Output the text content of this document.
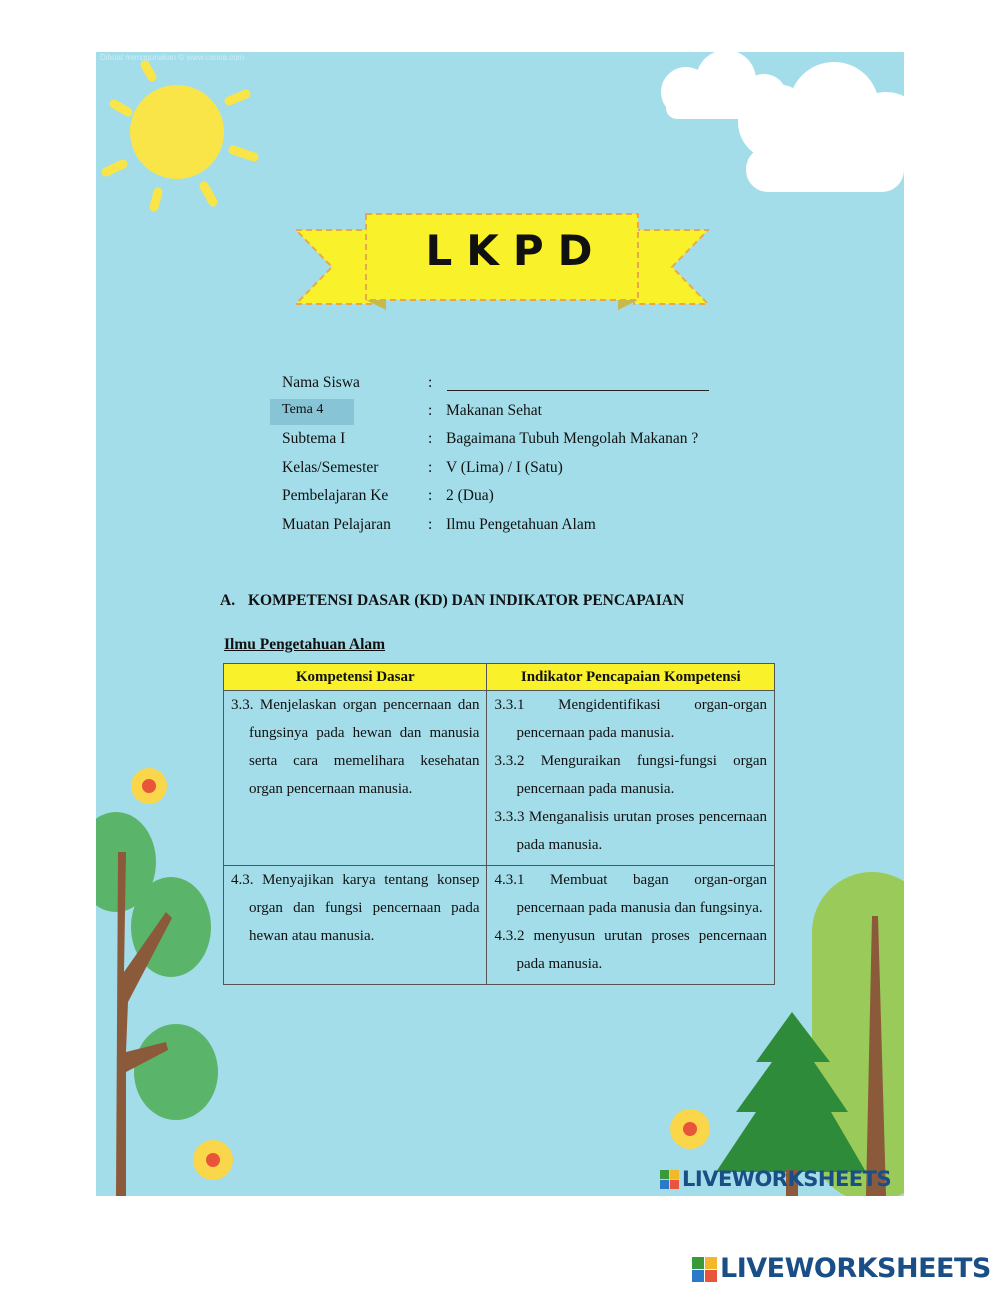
Dibuat menggunakan © www.canva.com
LKPD
Nama Siswa	:
Tema 4	: Makanan Sehat
Subtema I	: Bagaimana Tubuh Mengolah Makanan ?
Kelas/Semester	: V (Lima) / I (Satu)
Pembelajaran Ke	: 2 (Dua)
Muatan Pelajaran : Ilmu Pengetahuan Alam
A. KOMPETENSI DASAR (KD) DAN INDIKATOR PENCAPAIAN
Ilmu Pengetahuan Alam
Kompetensi Dasar	Indikator Pencapaian Kompetensi

3.3. Menjelaskan organ pencernaan dan fungsinya pada hewan dan manusia serta cara memelihara kesehatan organ pencernaan manusia.	3.3.1 Mengidentifikasi organ-organ pencernaan pada manusia.
3.3.2 Menguraikan fungsi-fungsi organ pencernaan pada manusia.
3.3.3 Menganalisis urutan proses pencernaan pada manusia.

4.3. Menyajikan karya tentang konsep organ dan fungsi pencernaan pada hewan atau manusia.	4.3.1 Membuat bagan organ-organ pencernaan pada manusia dan fungsinya.
4.3.2 menyusun urutan proses pencernaan pada manusia.
LIVEWORKSHEETS
LIVEWORKSHEETS
